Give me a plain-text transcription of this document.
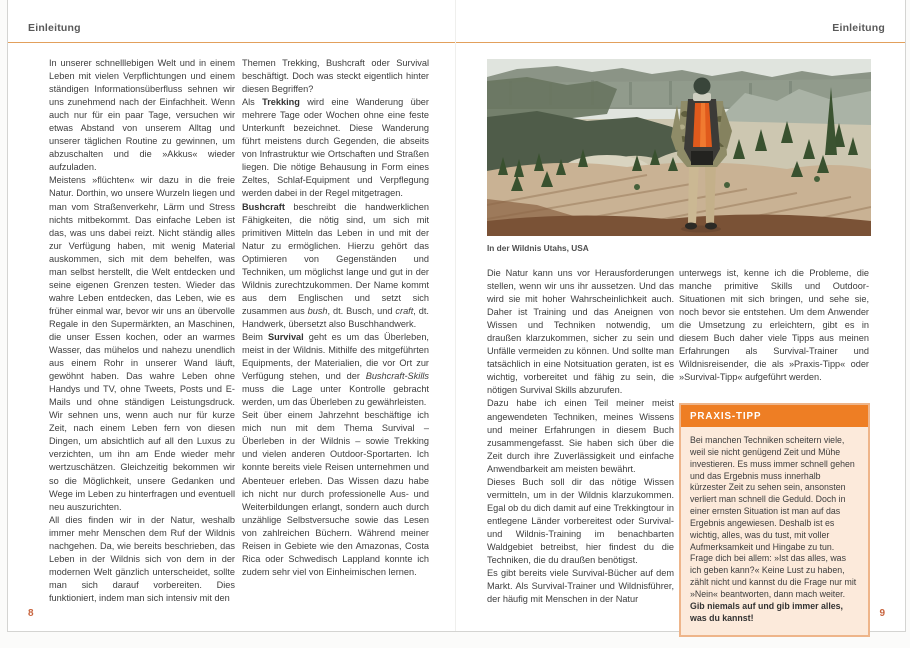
Einleitung	Einleitung

In unserer schnelllebigen Welt und in einem Leben mit vielen Verpflichtungen und einem ständigen Informationsüberfluss sehnen wir uns zunehmend nach der Einfachheit. Wenn auch nur für ein paar Tage, versuchen wir etwas Abstand von unserem Alltag und unserer täglichen Routine zu gewinnen, um abzuschalten und die »Akkus« wieder aufzuladen.

Meistens »flüchten« wir dazu in die freie Natur. Dorthin, wo unsere Wurzeln liegen und man vom Straßenverkehr, Lärm und Stress nichts mitbekommt. Das einfache Leben ist das, was uns dabei reizt. Nicht ständig alles zur Verfügung haben, mit wenig Material auskommen, sich mit dem behelfen, was man selbst herstellt, die Welt entdecken und seine eigenen Grenzen testen. Wieder das wahre Leben entdecken, das Leben, wie es früher einmal war, bevor wir uns an übervolle Regale in den Supermärkten, an Maschinen, die unser Essen kochen, oder an warmes Wasser, das mühelos und nahezu unendlich aus einem Rohr in unserer Wand läuft, gewöhnt haben. Das wahre Leben ohne Handys und TV, ohne Tweets, Posts und E-Mails und ohne ständigen Leistungsdruck. Wir sehnen uns, wenn auch nur für kurze Zeit, nach einem Leben fern von diesen Dingen, um absichtlich auf all den Luxus zu verzichten, um ihn am Ende wieder mehr wertzuschätzen. Gleichzeitig bekommen wir so die Möglichkeit, unsere Gedanken und Wege im Leben zu hinterfragen und eventuell neu auszurichten.

All dies finden wir in der Natur, weshalb immer mehr Menschen dem Ruf der Wildnis nachgehen. Da, wie bereits beschrieben, das Leben in der Wildnis sich von dem in der modernen Welt gänzlich unterscheidet, sollte man sich darauf vorbereiten. Dies funktioniert, indem man sich intensiv mit den

Themen Trekking, Bushcraft oder Survival beschäftigt. Doch was steckt eigentlich hinter diesen Begriffen?

Als Trekking wird eine Wanderung über mehrere Tage oder Wochen ohne eine feste Unterkunft bezeichnet. Diese Wanderung führt meistens durch Gegenden, die abseits von Infrastruktur wie Ortschaften und Straßen liegen. Die nötige Behausung in Form eines Zeltes, Schlaf-Equipment und Verpflegung werden dabei in der Regel mitgetragen.

Bushcraft beschreibt die handwerklichen Fähigkeiten, die nötig sind, um sich mit primitiven Mitteln das Leben in und mit der Natur zu ermöglichen. Hierzu gehört das Optimieren von Gegenständen und Techniken, um möglichst lange und gut in der Wildnis zurechtzukommen. Der Name kommt aus dem Englischen und setzt sich zusammen aus bush, dt. Busch, und craft, dt. Handwerk, übersetzt also Buschhandwerk.

Beim Survival geht es um das Überleben, meist in der Wildnis. Mithilfe des mitgeführten Equipments, der Materialien, die vor Ort zur Verfügung stehen, und der Bushcraft-Skills muss die Lage unter Kontrolle gebracht werden, um das Überleben zu gewährleisten.

Seit über einem Jahrzehnt beschäftige ich mich nun mit dem Thema Survival – Überleben in der Wildnis – sowie Trekking und vielen anderen Outdoor-Sportarten. Ich konnte bereits viele Reisen unternehmen und Abenteuer erleben. Das Wissen dazu habe ich nicht nur durch professionelle Aus- und Weiterbildungen erlangt, sondern auch durch unzählige Selbstversuche sowie das Lesen von zahlreichen Büchern. Während meiner Reisen in Gebiete wie den Amazonas, Costa Rica oder Schwedisch Lappland konnte ich zudem sehr viel von Einheimischen lernen.

In der Wildnis Utahs, USA

Die Natur kann uns vor Herausforderungen stellen, wenn wir uns ihr aussetzen. Und das wird sie mit hoher Wahrscheinlichkeit auch. Daher ist Training und das Aneignen von Wissen und Techniken notwendig, um draußen klarzukommen, sicher zu sein und Unfälle vermeiden zu können. Und sollte man tatsächlich in eine Notsituation geraten, ist es wichtig, vorbereitet und fähig zu sein, die nötigen Survival Skills abzurufen.

Dazu habe ich einen Teil meiner meist angewendeten Techniken, meines Wissens und meiner Erfahrungen in diesem Buch zusammengefasst. Sie haben sich über die Zeit durch ihre Zuverlässigkeit und einfache Anwendbarkeit am meisten bewährt.

Dieses Buch soll dir das nötige Wissen vermitteln, um in der Wildnis klarzukommen. Egal ob du dich damit auf eine Trekkingtour in entlegene Länder vorbereitest oder Survival- und Wildnis-Training im benachbarten Waldgebiet betreibst, hier findest du die Techniken, die du draußen benötigst.

Es gibt bereits viele Survival-Bücher auf dem Markt. Als Survival-Trainer und Wildnisführer, der häufig mit Menschen in der Natur

unterwegs ist, kenne ich die Probleme, die manche primitive Skills und Outdoor-Situationen mit sich bringen, und sehe sie, noch bevor sie entstehen. Um dem Anwender die Umsetzung zu erleichtern, gibt es in diesem Buch daher viele Tipps aus meinen Erfahrungen als Survival-Trainer und Wildnisreisender, die als »Praxis-Tipp« oder »Survival-Tipp« aufgeführt werden.

PRAXIS-TIPP

Bei manchen Techniken scheitern viele, weil sie nicht genügend Zeit und Mühe investieren. Es muss immer schnell gehen und das Ergebnis muss innerhalb kürzester Zeit zu sehen sein, ansonsten verliert man schnell die Geduld. Doch in einer ernsten Situation ist man auf das Ergebnis angewiesen. Deshalb ist es wichtig, alles, was du tust, mit voller Aufmerksamkeit und Hingabe zu tun. Frage dich bei allem: »Ist das alles, was ich geben kann?« Keine Lust zu haben, zählt nicht und kannst du die Frage nur mit »Nein« beantworten, dann mach weiter. Gib niemals auf und gib immer alles, was du kannst!

8	9
